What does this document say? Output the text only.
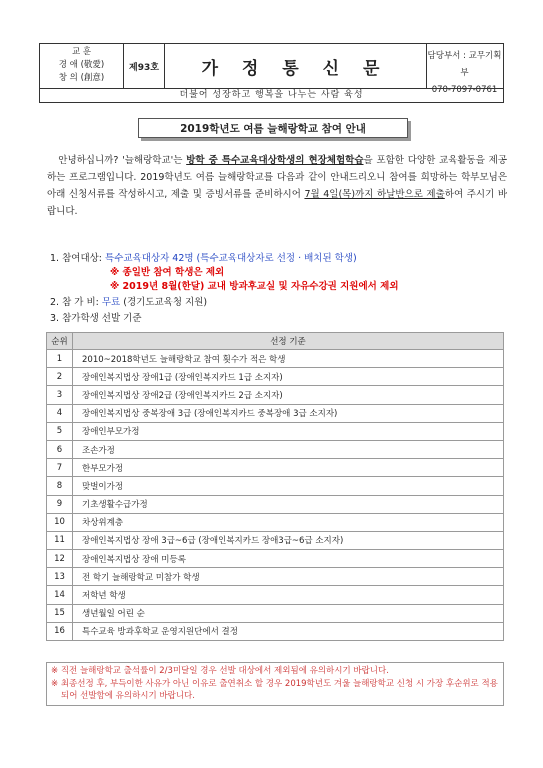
교 훈
경 애 (敬愛)
창 의 (創意)
제93호	가 정 통 신 문
담당부서 : 교무기획부
070-7097-0761
더불어 성장하고 행복을 나누는 사람 육성
2019학년도 여름 늘해랑학교 참여 안내
안녕하십니까? '늘해랑학교'는 방학 중 특수교육대상학생의 현장체험학습을 포함한 다양한 교육활동을 제공하는 프로그램입니다. 2019학년도 여름 늘해랑학교를 다음과 같이 안내드리오니 참여를 희망하는 학부모님은 아래 신청서류를 작성하시고, 제출 및 증빙서류를 준비하시어 7월 4일(목)까지 하날반으로 제출하여 주시기 바랍니다.
1. 참여대상: 특수교육대상자 42명 (특수교육대상자로 선정 · 배치된 학생)
※ 종일반 참여 학생은 제외
※ 2019년 8월(한달) 교내 방과후교실 및 자유수강권 지원에서 제외
2. 참 가 비: 무료 (경기도교육청 지원)
3. 참가학생 선발 기준
순위	선정 기준
1	2010~2018학년도 늘해랑학교 참여 횟수가 적은 학생
2	장애인복지법상 장애1급 (장애인복지카드 1급 소지자)
3	장애인복지법상 장애2급 (장애인복지카드 2급 소지자)
4	장애인복지법상 중복장애 3급 (장애인복지카드 중복장애 3급 소지자)
5	장애인부모가정
6	조손가정
7	한부모가정
8	맞벌이가정
9	기초생활수급가정
10	차상위계층
11	장애인복지법상 장애 3급~6급 (장애인복지카드 장애3급~6급 소지자)
12	장애인복지법상 장애 미등록
13	전 학기 늘해랑학교 미참가 학생
14	저학년 학생
15	생년월일 어린 순
16	특수교육 방과후학교 운영지원단에서 결정
※ 직전 늘해랑학교 출석률이 2/3미달일 경우 선발 대상에서 제외됨에 유의하시기 바랍니다.
※ 최종선정 후, 부득이한 사유가 아닌 이유로 출연취소 할 경우 2019학년도 겨울 늘해랑학교 신청 시 가장 후순위로 적용되어 선발함에 유의하시기 바랍니다.
